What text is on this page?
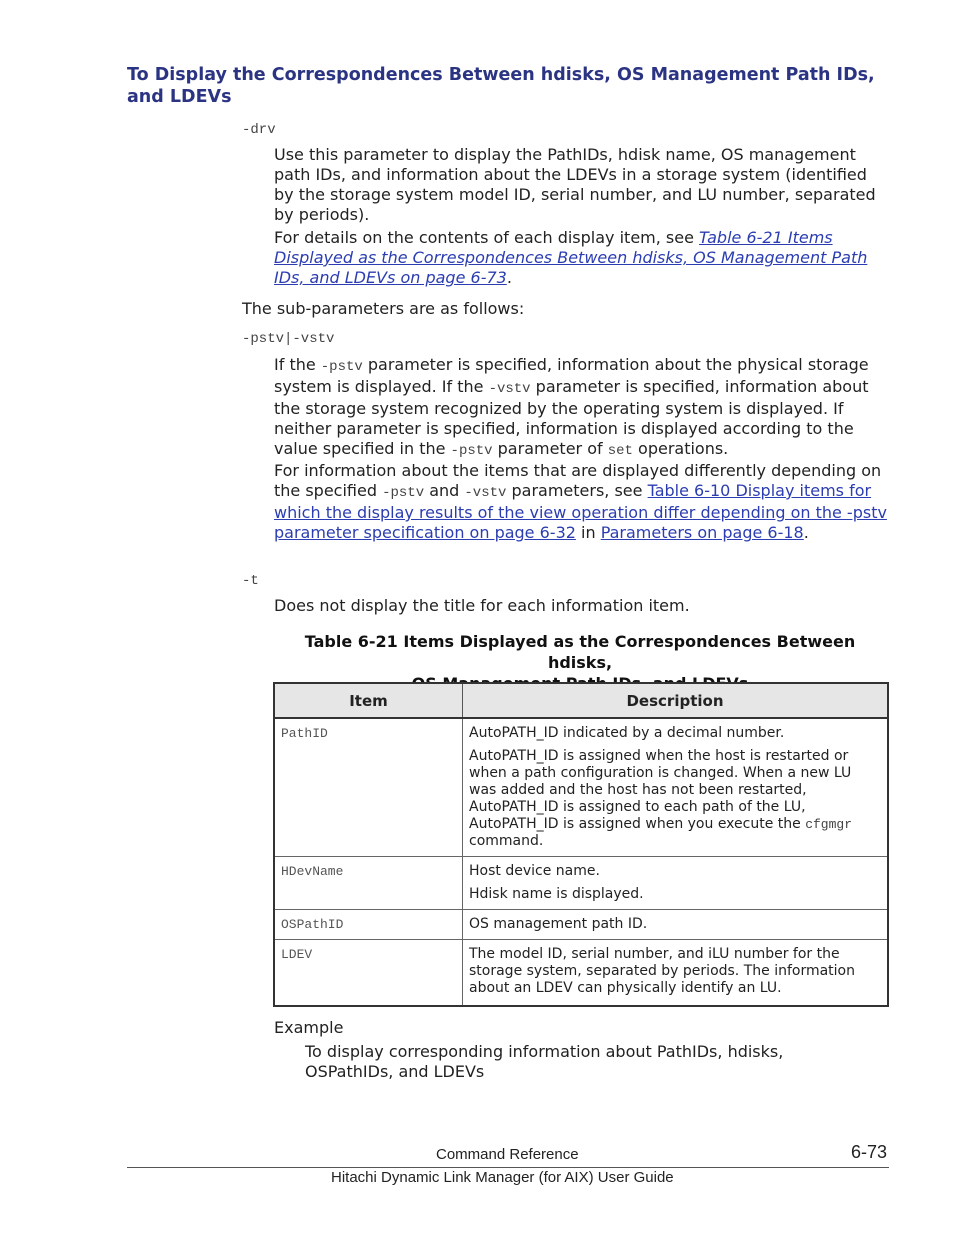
To Display the Correspondences Between hdisks, OS Management Path IDs, and LDEVs
-drv
Use this parameter to display the PathIDs, hdisk name, OS management path IDs, and information about the LDEVs in a storage system (identified by the storage system model ID, serial number, and LU number, separated by periods).
For details on the contents of each display item, see Table 6-21 Items Displayed as the Correspondences Between hdisks, OS Management Path IDs, and LDEVs on page 6-73.
The sub-parameters are as follows:
-pstv|-vstv
If the -pstv parameter is specified, information about the physical storage system is displayed. If the -vstv parameter is specified, information about the storage system recognized by the operating system is displayed. If neither parameter is specified, information is displayed according to the value specified in the -pstv parameter of set operations.
For information about the items that are displayed differently depending on the specified -pstv and -vstv parameters, see Table 6-10 Display items for which the display results of the view operation differ depending on the -pstv parameter specification on page 6-32 in Parameters on page 6-18.
-t
Does not display the title for each information item.
Table 6-21 Items Displayed as the Correspondences Between hdisks,
Item	Description
PathID	AutoPATH_ID indicated by a decimal number.

AutoPATH_ID is assigned when the host is restarted or when a path configuration is changed. When a new LU was added and the host has not been restarted, AutoPATH_ID is assigned to each path of the LU, AutoPATH_ID is assigned when you execute the cfgmgr command.

HDevName	Host device name.

Hdisk name is displayed.

OSPathID	OS management path ID.

LDEV	The model ID, serial number, and iLU number for the storage system, separated by periods. The information about an LDEV can physically identify an LU.

Example
To display corresponding information about PathIDs, hdisks, OSPathIDs, and LDEVs
Command Reference	6-73
Hitachi Dynamic Link Manager (for AIX) User Guide
